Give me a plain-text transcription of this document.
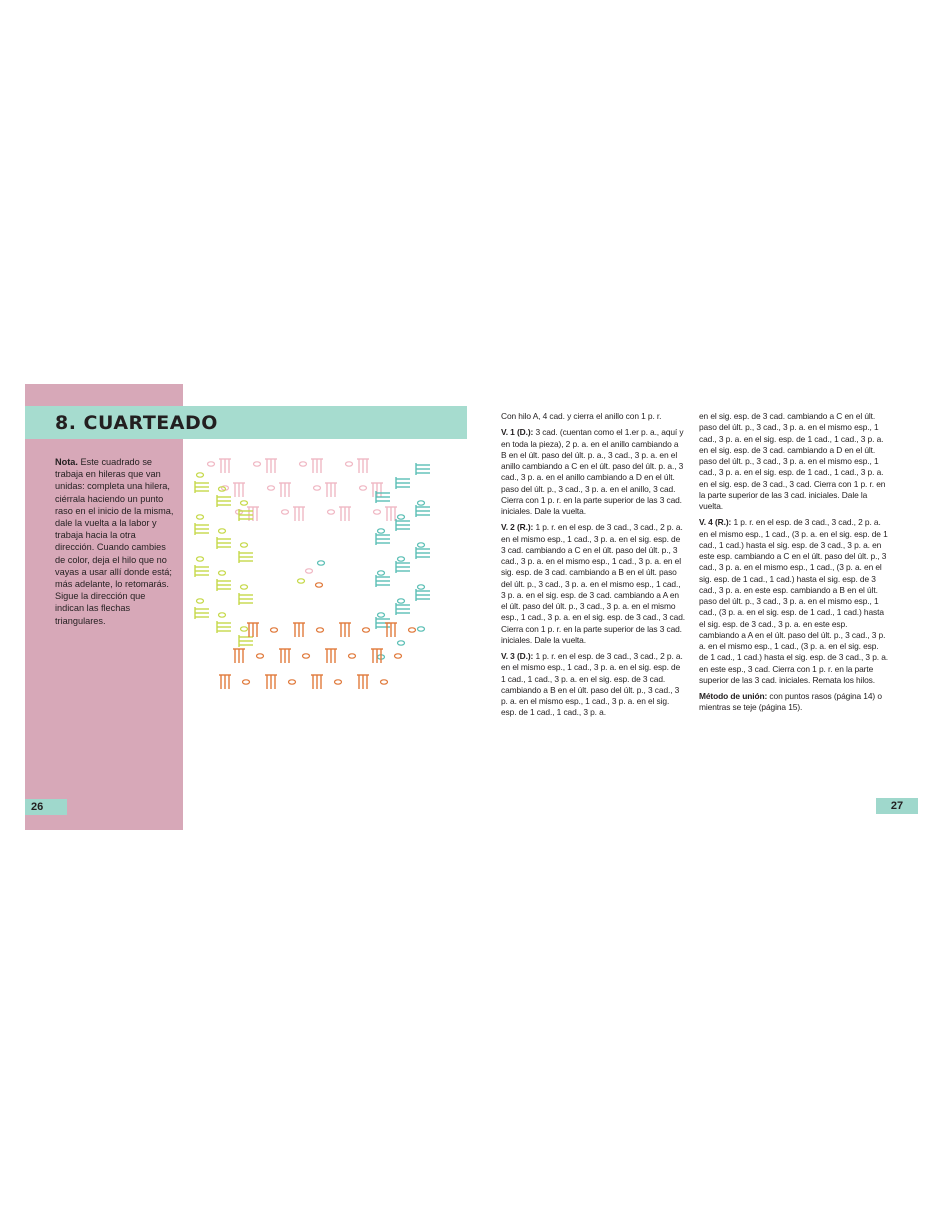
8. CUARTEADO
Nota. Este cuadrado se trabaja en hileras que van unidas: completa una hilera, ciérrala haciendo un punto raso en el inicio de la misma, dale la vuelta a la labor y trabaja hacia la otra dirección. Cuando cambies de color, deja el hilo que no vayas a usar allí donde está; más adelante, lo retomarás. Sigue la dirección que indican las flechas triangulares.

Con hilo A, 4 cad. y cierra el anillo con 1 p. r.

V. 1 (D.): 3 cad. (cuentan como el 1.er p. a., aquí y en toda la pieza), 2 p. a. en el anillo cambiando a B en el últ. paso del últ. p. a., 3 cad., 3 p. a. en el anillo cambiando a C en el últ. paso del últ. p. a., 3 cad., 3 p. a. en el anillo cambiando a D en el últ. paso del últ. p., 3 cad., 3 p. a. en el anillo, 3 cad. Cierra con 1 p. r. en la parte superior de las 3 cad. iniciales. Dale la vuelta.

V. 2 (R.): 1 p. r. en el esp. de 3 cad., 3 cad., 2 p. a. en el mismo esp., 1 cad., 3 p. a. en el sig. esp. de 3 cad. cambiando a C en el últ. paso del últ. p., 3 cad., 3 p. a. en el mismo esp., 1 cad., 3 p. a. en el sig. esp. de 3 cad. cambiando a B en el últ. paso del últ. p., 3 cad., 3 p. a. en el mismo esp., 1 cad., 3 p. a. en el sig. esp. de 3 cad. cambiando a A en el últ. paso del últ. p., 3 cad., 3 p. a. en el mismo esp., 1 cad., 3 p. a. en el sig. esp. de 3 cad., 3 cad. Cierra con 1 p. r. en la parte superior de las 3 cad. iniciales. Dale la vuelta.

V. 3 (D.): 1 p. r. en el esp. de 3 cad., 3 cad., 2 p. a. en el mismo esp., 1 cad., 3 p. a. en el sig. esp. de 1 cad., 1 cad., 3 p. a. en el sig. esp. de 3 cad. cambiando a B en el últ. paso del últ. p., 3 cad., 3 p. a. en el mismo esp., 1 cad., 3 p. a. en el sig. esp. de 1 cad., 1 cad., 3 p. a.

en el sig. esp. de 3 cad. cambiando a C en el últ. paso del últ. p., 3 cad., 3 p. a. en el mismo esp., 1 cad., 3 p. a. en el sig. esp. de 1 cad., 1 cad., 3 p. a. en el sig. esp. de 3 cad. cambiando a D en el últ. paso del últ. p., 3 cad., 3 p. a. en el mismo esp., 1 cad., 3 p. a. en el sig. esp. de 1 cad., 1 cad., 3 p. a. en el sig. esp. de 3 cad., 3 cad. Cierra con 1 p. r. en la parte superior de las 3 cad. iniciales. Dale la vuelta.

V. 4 (R.): 1 p. r. en el esp. de 3 cad., 3 cad., 2 p. a. en el mismo esp., 1 cad., (3 p. a. en el sig. esp. de 1 cad., 1 cad.) hasta el sig. esp. de 3 cad., 3 p. a. en este esp. cambiando a C en el últ. paso del últ. p., 3 cad., 3 p. a. en el mismo esp., 1 cad., (3 p. a. en el sig. esp. de 1 cad., 1 cad.) hasta el sig. esp. de 3 cad., 3 p. a. en este esp. cambiando a B en el últ. paso del últ. p., 3 cad., 3 p. a. en el mismo esp., 1 cad., (3 p. a. en el sig. esp. de 1 cad., 1 cad.) hasta el sig. esp. de 3 cad., 3 p. a. en este esp. cambiando a A en el últ. paso del últ. p., 3 cad., 3 p. a. en el mismo esp., 1 cad., (3 p. a. en el sig. esp. de 1 cad., 1 cad.) hasta el sig. esp. de 3 cad., 3 p. a. en este esp., 3 cad. Cierra con 1 p. r. en la parte superior de las 3 cad. iniciales. Remata los hilos.

Método de unión: con puntos rasos (página 14) o mientras se teje (página 15).

26	27
